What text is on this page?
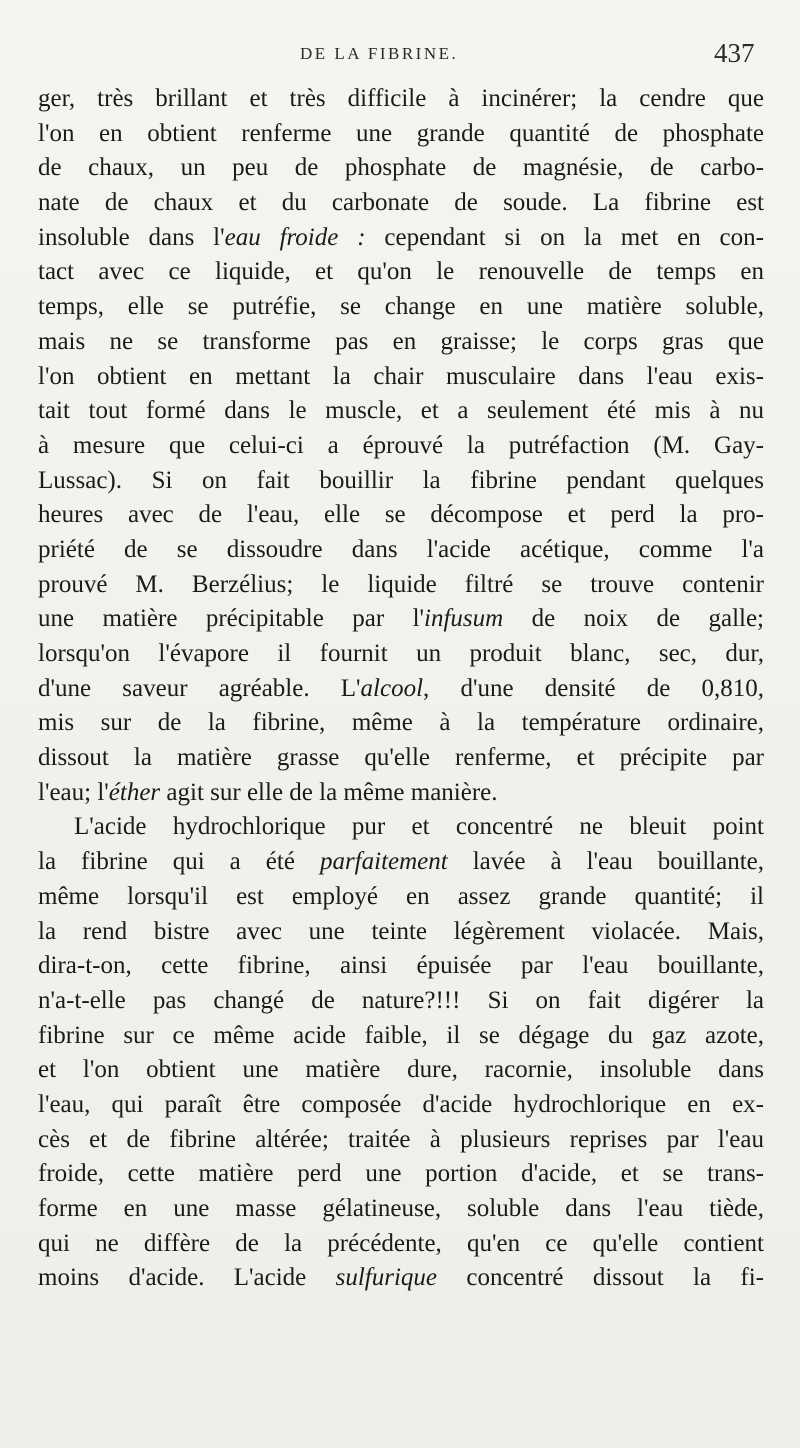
DE LA FIBRINE.	437
ger, très brillant et très difficile à incinérer; la cendre que
l'on en obtient renferme une grande quantité de phosphate
de chaux, un peu de phosphate de magnésie, de carbo-
nate de chaux et du carbonate de soude. La fibrine est
insoluble dans l'eau froide : cependant si on la met en con-
tact avec ce liquide, et qu'on le renouvelle de temps en
temps, elle se putréfie, se change en une matière soluble,
mais ne se transforme pas en graisse; le corps gras que
l'on obtient en mettant la chair musculaire dans l'eau exis-
tait tout formé dans le muscle, et a seulement été mis à nu
à mesure que celui-ci a éprouvé la putréfaction (M. Gay-
Lussac). Si on fait bouillir la fibrine pendant quelques
heures avec de l'eau, elle se décompose et perd la pro-
priété de se dissoudre dans l'acide acétique, comme l'a
prouvé M. Berzélius; le liquide filtré se trouve contenir
une matière précipitable par l'infusum de noix de galle;
lorsqu'on l'évapore il fournit un produit blanc, sec, dur,
d'une saveur agréable. L'alcool, d'une densité de 0,810,
mis sur de la fibrine, même à la température ordinaire,
dissout la matière grasse qu'elle renferme, et précipite par
l'eau; l'éther agit sur elle de la même manière.
L'acide hydrochlorique pur et concentré ne bleuit point
la fibrine qui a été parfaitement lavée à l'eau bouillante,
même lorsqu'il est employé en assez grande quantité; il
la rend bistre avec une teinte légèrement violacée. Mais,
dira-t-on, cette fibrine, ainsi épuisée par l'eau bouillante,
n'a-t-elle pas changé de nature?!!! Si on fait digérer la
fibrine sur ce même acide faible, il se dégage du gaz azote,
et l'on obtient une matière dure, racornie, insoluble dans
l'eau, qui paraît être composée d'acide hydrochlorique en ex-
cès et de fibrine altérée; traitée à plusieurs reprises par l'eau
froide, cette matière perd une portion d'acide, et se trans-
forme en une masse gélatineuse, soluble dans l'eau tiède,
qui ne diffère de la précédente, qu'en ce qu'elle contient
moins d'acide. L'acide sulfurique concentré dissout la fi-
